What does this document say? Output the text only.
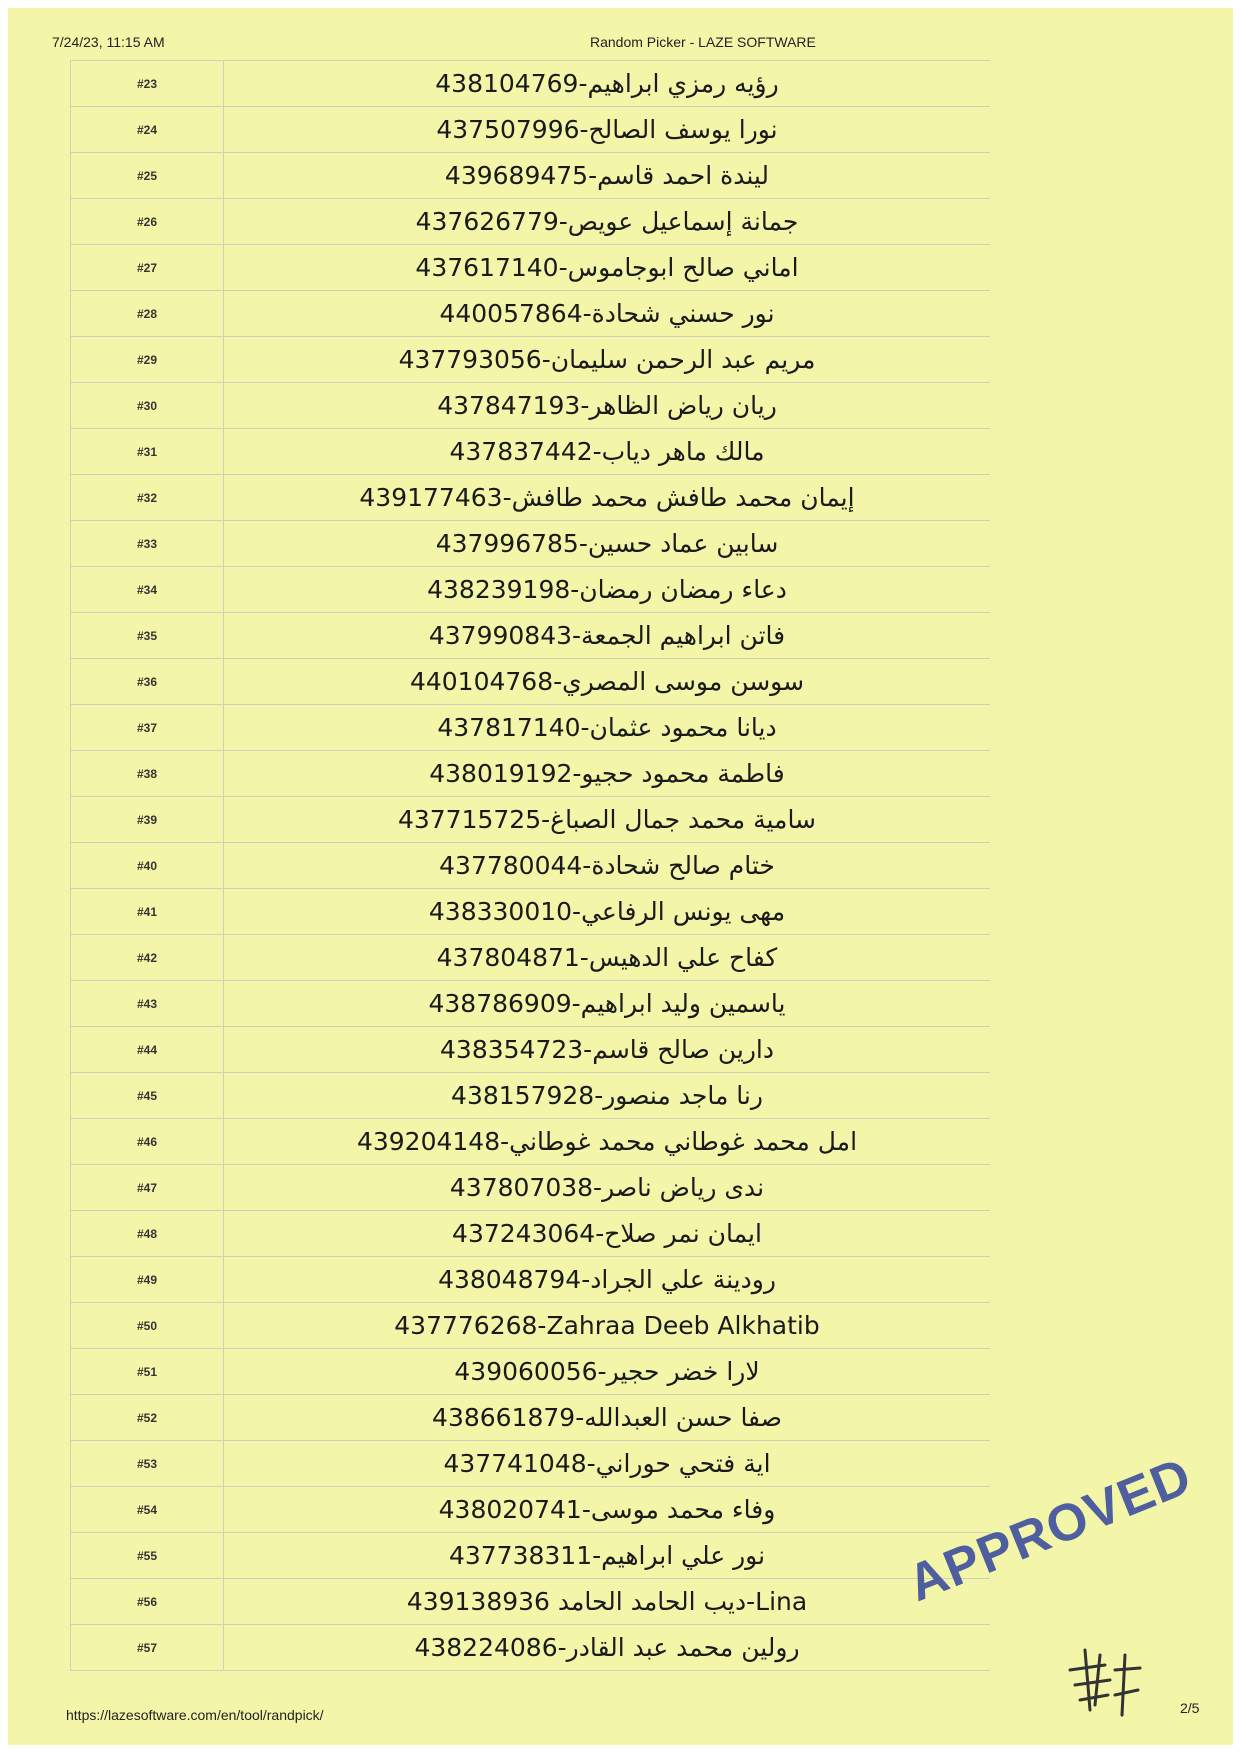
7/24/23, 11:15 AM	Random Picker - LAZE SOFTWARE
#23	رؤيه رمزي ابراهيم-438104769
#24	نورا يوسف الصالح-437507996
#25	ليندة احمد قاسم-439689475
#26	جمانة إسماعيل عويص-437626779
#27	اماني صالح ابوجاموس-437617140
#28	نور حسني شحادة-440057864
#29	مريم عبد الرحمن سليمان-437793056
#30	ريان رياض الظاهر-437847193
#31	مالك ماهر دياب-437837442
#32	إيمان محمد طافش محمد طافش-439177463
#33	سابين عماد حسين-437996785
#34	دعاء رمضان رمضان-438239198
#35	فاتن ابراهيم الجمعة-437990843
#36	سوسن موسى المصري-440104768
#37	ديانا محمود عثمان-437817140
#38	فاطمة محمود حجيو-438019192
#39	سامية محمد جمال الصباغ-437715725
#40	ختام صالح شحادة-437780044
#41	مهى يونس الرفاعي-438330010
#42	كفاح علي الدهيس-437804871
#43	ياسمين وليد ابراهيم-438786909
#44	دارين صالح قاسم-438354723
#45	رنا ماجد منصور-438157928
#46	امل محمد غوطاني محمد غوطاني-439204148
#47	ندى رياض ناصر-437807038
#48	ايمان نمر صلاح-437243064
#49	رودينة علي الجراد-438048794
#50	437776268-Zahraa Deeb Alkhatib
#51	لارا خضر حجير-439060056
#52	صفا حسن العبدالله-438661879
#53	اية فتحي حوراني-437741048
#54	وفاء محمد موسى-438020741
#55	نور علي ابراهيم-437738311
#56	ديب الحامد الحامد 439138936-Lina
#57	رولين محمد عبد القادر-438224086
APPROVED
https://lazesoftware.com/en/tool/randpick/	2/5
